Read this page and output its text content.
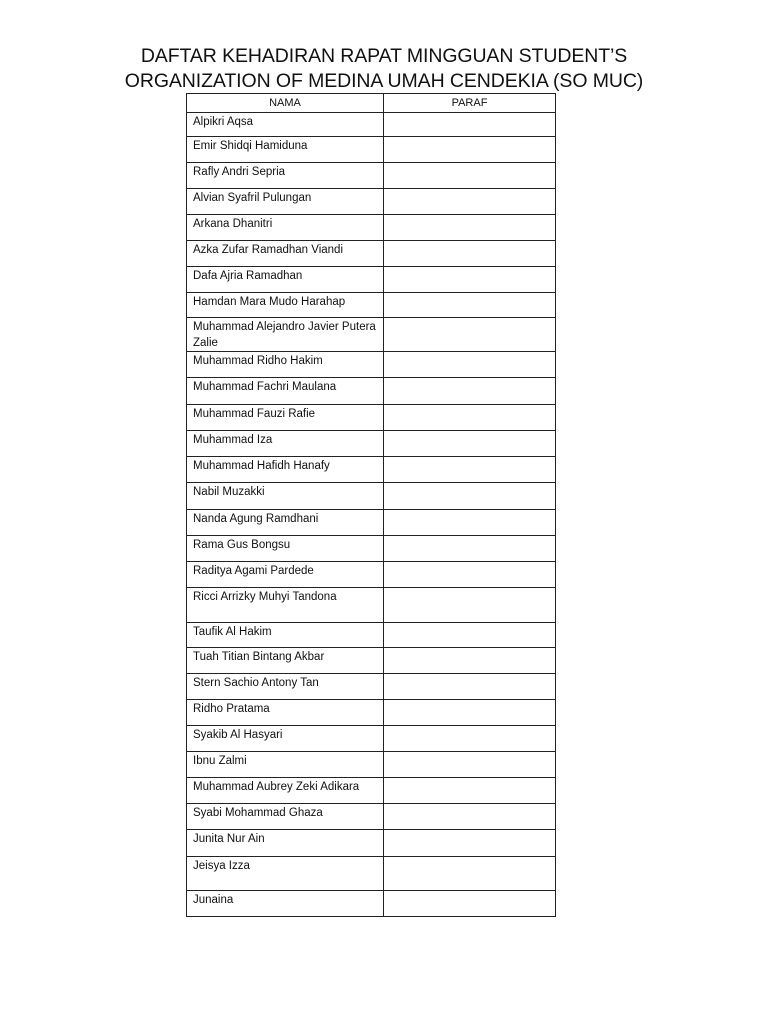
DAFTAR KEHADIRAN RAPAT MINGGUAN STUDENT’S
ORGANIZATION OF MEDINA UMAH CENDEKIA (SO MUC)
NAMA	PARAF
Alpikri Aqsa	
Emir Shidqi Hamiduna	
Rafly Andri Sepria	
Alvian Syafril Pulungan	
Arkana Dhanitri	
Azka Zufar Ramadhan Viandi	
Dafa Ajria Ramadhan	
Hamdan Mara Mudo Harahap	
Muhammad Alejandro Javier Putera Zalie	
Muhammad Ridho Hakim	
Muhammad Fachri Maulana	
Muhammad Fauzi Rafie	
Muhammad Iza	
Muhammad Hafidh Hanafy	
Nabil Muzakki	
Nanda Agung Ramdhani	
Rama Gus Bongsu	
Raditya Agami Pardede	
Ricci Arrizky Muhyi Tandona	
Taufik Al Hakim	
Tuah Titian Bintang Akbar	
Stern Sachio Antony Tan	
Ridho Pratama	
Syakib Al Hasyari	
Ibnu Zalmi	
Muhammad Aubrey Zeki Adikara	
Syabi Mohammad Ghaza	
Junita Nur Ain	
Jeisya Izza	
Junaina	
